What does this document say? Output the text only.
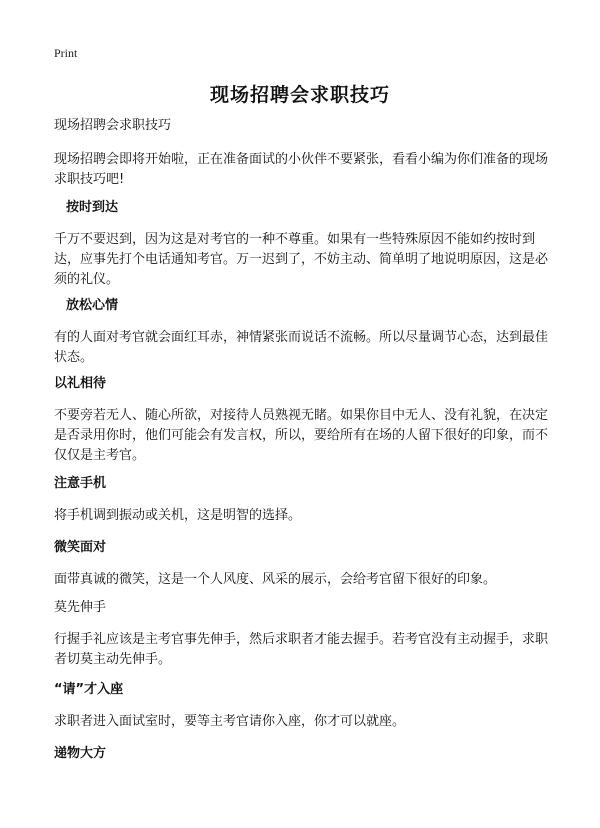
Print
现场招聘会求职技巧
现场招聘会求职技巧
现场招聘会即将开始啦，正在准备面试的小伙伴不要紧张，看看小编为你们准备的现场求职技巧吧!
按时到达
千万不要迟到，因为这是对考官的一种不尊重。如果有一些特殊原因不能如约按时到达，应事先打个电话通知考官。万一迟到了，不妨主动、简单明了地说明原因，这是必须的礼仪。
放松心情
有的人面对考官就会面红耳赤，神情紧张而说话不流畅。所以尽量调节心态，达到最佳状态。
以礼相待
不要旁若无人、随心所欲，对接待人员熟视无睹。如果你目中无人、没有礼貌，在决定是否录用你时，他们可能会有发言权，所以，要给所有在场的人留下很好的印象，而不仅仅是主考官。
注意手机
将手机调到振动或关机，这是明智的选择。
微笑面对
面带真诚的微笑，这是一个人风度、风采的展示，会给考官留下很好的印象。
莫先伸手
行握手礼应该是主考官事先伸手，然后求职者才能去握手。若考官没有主动握手，求职者切莫主动先伸手。
“请”才入座
求职者进入面试室时，要等主考官请你入座，你才可以就座。
递物大方
